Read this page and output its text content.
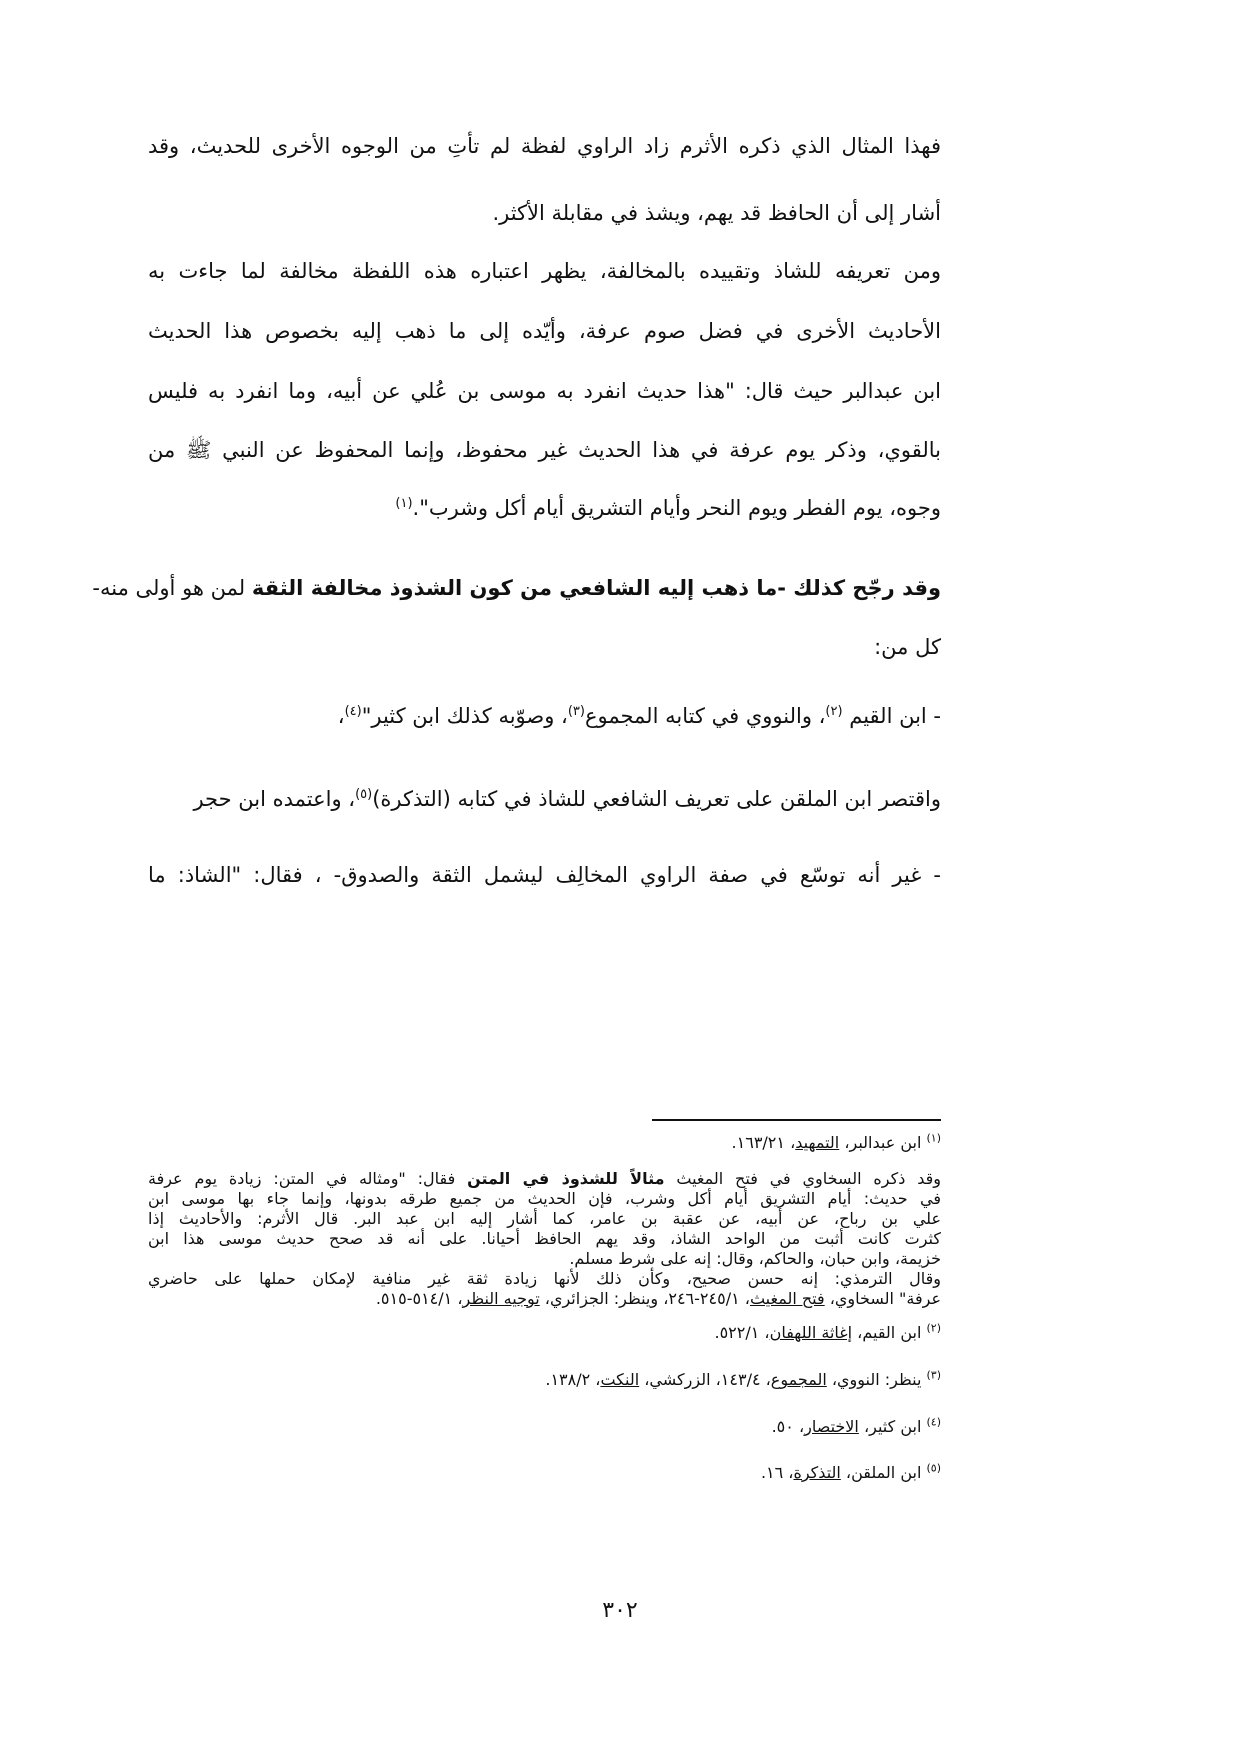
فهذا المثال الذي ذكره الأثرم زاد الراوي لفظة لم تأتِ من الوجوه الأخرى للحديث، وقد
أشار إلى أن الحافظ قد يهم، ويشذ في مقابلة الأكثر.
ومن تعريفه للشاذ وتقييده بالمخالفة، يظهر اعتباره هذه اللفظة مخالفة لما جاءت به
الأحاديث الأخرى في فضل صوم عرفة، وأيّده إلى ما ذهب إليه بخصوص هذا الحديث
ابن عبدالبر حيث قال: "هذا حديث انفرد به موسى بن عُلي عن أبيه، وما انفرد به فليس
بالقوي، وذكر يوم عرفة في هذا الحديث غير محفوظ، وإنما المحفوظ عن النبي ﷺ من
وجوه، يوم الفطر ويوم النحر وأيام التشريق أيام أكل وشرب".$^{(١)}$
وقد رجّح كذلك -ما ذهب إليه الشافعي من كون الشذوذ مخالفة الثقة لمن هو أولى منه-
كل من:
- ابن القيم $^{(٢)}$، والنووي في كتابه المجموع$^{(٣)}$، وصوّبه كذلك ابن كثير"$^{(٤)}$،
واقتصر ابن الملقن على تعريف الشافعي للشاذ في كتابه (التذكرة)$^{(٥)}$، واعتمده ابن حجر
- غير أنه توسّع في صفة الراوي المخالِف ليشمل الثقة والصدوق- ، فقال: "الشاذ: ما
$^{(١)}$ ابن عبدالبر، التمهيد، ١٦٣/٢١.
وقد ذكره السخاوي في فتح المغيث مثالاً للشذوذ في المتن فقال: "ومثاله في المتن: زيادة يوم عرفة
في حديث: أيام التشريق أيام أكل وشرب، فإن الحديث من جميع طرقه بدونها، وإنما جاء بها موسى ابن
علي بن رباح، عن أبيه، عن عقبة بن عامر، كما أشار إليه ابن عبد البر. قال الأثرم: والأحاديث إذا
كثرت كانت أثبت من الواحد الشاذ، وقد يهم الحافظ أحيانا. على أنه قد صحح حديث موسى هذا ابن
خزيمة، وابن حبان، والحاكم، وقال: إنه على شرط مسلم.
وقال الترمذي: إنه حسن صحيح، وكأن ذلك لأنها زيادة ثقة غير منافية لإمكان حملها على حاضري
عرفة" السخاوي، فتح المغيث، ٢٤٥/١-٢٤٦، وينظر: الجزائري، توجيه النظر، ٥١٤/١-٥١٥.
$^{(٢)}$ ابن القيم، إغاثة اللهفان، ٥٢٢/١.
$^{(٣)}$ ينظر: النووي، المجموع، ١٤٣/٤، الزركشي، النكت، ١٣٨/٢.
$^{(٤)}$ ابن كثير، الاختصار، ٥٠.
$^{(٥)}$ ابن الملقن، التذكرة، ١٦.
٣٠٢
